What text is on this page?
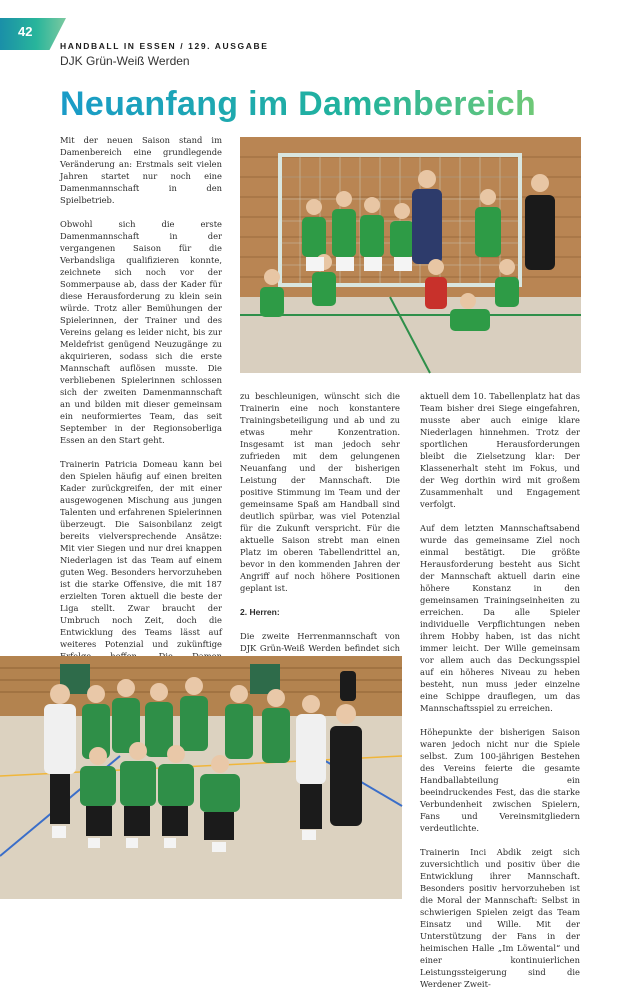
42
HANDBALL IN ESSEN / 129. AUSGABE
DJK Grün-Weiß Werden
Neuanfang im Damenbereich

Mit der neuen Saison stand im Damenbereich eine grundlegende Veränderung an: Erstmals seit vielen Jahren startet nur noch eine Damenmannschaft in den Spielbetrieb.

Obwohl sich die erste Damenmannschaft in der vergangenen Saison für die Verbandsliga qualifizieren konnte, zeichnete sich noch vor der Sommerpause ab, dass der Kader für diese Herausforderung zu klein sein würde. Trotz aller Bemühungen der Spielerinnen, der Trainer und des Vereins gelang es leider nicht, bis zur Meldefrist genügend Neuzugänge zu akquirieren, sodass sich die erste Mannschaft auflösen musste. Die verbliebenen Spielerinnen schlossen sich der zweiten Damenmannschaft an und bilden mit dieser gemeinsam ein neuformiertes Team, das seit September in der Regionsoberliga Essen an den Start geht.

Trainerin Patricia Domeau kann bei den Spielen häufig auf einen breiten Kader zurückgreifen, der mit einer ausgewogenen Mischung aus jungen Talenten und erfahrenen Spielerinnen überzeugt. Die Saisonbilanz zeigt bereits vielversprechende Ansätze: Mit vier Siegen und nur drei knappen Niederlagen ist das Team auf einem guten Weg. Besonders hervorzuheben ist die starke Offensive, die mit 187 erzielten Toren aktuell die beste der Liga stellt. Zwar braucht der Umbruch noch Zeit, doch die Entwicklung des Teams lässt auf weiteres Potenzial und zukünftige

zu beschleunigen, wünscht sich die Trainerin eine noch konstantere Trainingsbeteiligung und ab und zu etwas mehr Konzentration. Insgesamt ist man jedoch sehr zufrieden mit dem gelungenen Neuanfang und der bisherigen Leistung der Mannschaft. Die positive Stimmung im Team und der gemeinsame Spaß am Handball sind deutlich spürbar, was viel Potenzial für die Zukunft verspricht. Für die aktuelle Saison strebt man einen Platz im oberen Tabellendrittel an, bevor in den kommenden Jahren der Angriff auf noch höhere Positionen geplant ist.

2. Herren:

Die zweite Herrenmannschaft von DJK Grün-Weiß Werden befindet sich

aktuell dem 10. Tabellenplatz hat das Team bisher drei Siege eingefahren, musste aber auch einige klare Niederlagen hinnehmen. Trotz der sportlichen Herausforderungen bleibt die Zielsetzung klar: Der Klassenerhalt steht im Fokus, und der Weg dorthin wird mit großem Zusammenhalt und Engagement verfolgt.

Auf dem letzten Mannschaftsabend wurde das gemeinsame Ziel noch einmal bestätigt. Die größte Herausforderung besteht aus Sicht der Mannschaft aktuell darin eine höhere Konstanz in den gemeinsamen Trainingseinheiten zu erreichen. Da alle Spieler individuelle Verpflichtungen neben ihrem Hobby haben, ist das nicht immer leicht. Der Wille gemeinsam vor allem auch das Deckungsspiel auf ein höheres Niveau zu heben besteht, nun muss jeder einzelne eine Schippe drauflegen, um das Mannschaftsspiel zu erreichen.

Höhepunkte der bisherigen Saison waren jedoch nicht nur die Spiele selbst. Zum 100-jährigen Bestehen des Vereins feierte die gesamte Handballabteilung ein beeindruckendes Fest, das die starke Verbundenheit zwischen Spielern, Fans und Vereinsmitgliedern verdeutlichte.

Trainerin Inci Abdik zeigt sich zuversichtlich und positiv über die Entwicklung ihrer Mannschaft. Besonders positiv hervorzuheben ist die Moral der Mannschaft: Selbst in schwierigen Spielen zeigt das Team Einsatz und Wille. Mit der Unterstützung der Fans in der heimischen Halle „Im Löwental“ und einer kontinuierlichen Leistungssteigerung sind die Werdener Zweit-
